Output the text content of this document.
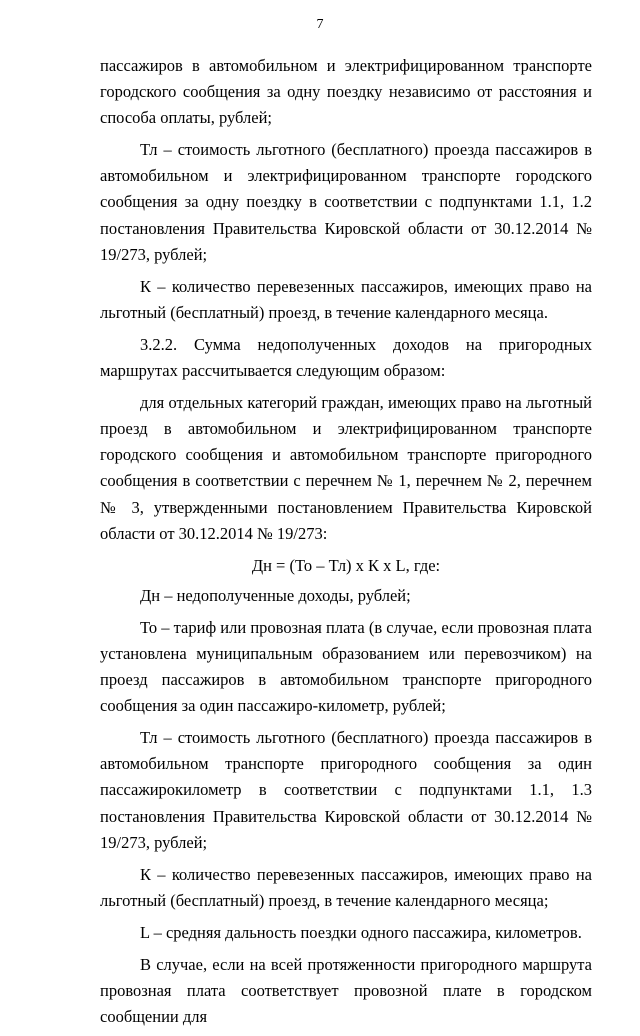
7

пассажиров в автомобильном и электрифицированном транспорте городского сообщения за одну поездку независимо от расстояния и способа оплаты, рублей;

Тл – стоимость льготного (бесплатного) проезда пассажиров в автомобильном и электрифицированном транспорте городского сообщения за одну поездку в соответствии с подпунктами 1.1, 1.2 постановления Правительства Кировской области от 30.12.2014 № 19/273, рублей;

К – количество перевезенных пассажиров, имеющих право на льготный (бесплатный) проезд, в течение календарного месяца.

3.2.2. Сумма недополученных доходов на пригородных маршрутах рассчитывается следующим образом:

для отдельных категорий граждан, имеющих право на льготный проезд в автомобильном и электрифицированном транспорте городского сообщения и автомобильном транспорте пригородного сообщения в соответствии с перечнем № 1, перечнем № 2, перечнем № 3, утвержденными постановлением Правительства Кировской области от 30.12.2014 № 19/273:

Дн = (То – Тл) x К x L, где:

Дн – недополученные доходы, рублей;

То – тариф или провозная плата (в случае, если провозная плата установлена муниципальным образованием или перевозчиком) на проезд пассажиров в автомобильном транспорте пригородного сообщения за один пассажиро-километр, рублей;

Тл – стоимость льготного (бесплатного) проезда пассажиров в автомобильном транспорте пригородного сообщения за один пассажирокилометр в соответствии с подпунктами 1.1, 1.3 постановления Правительства Кировской области от 30.12.2014 № 19/273, рублей;

К – количество перевезенных пассажиров, имеющих право на льготный (бесплатный) проезд, в течение календарного месяца;

L – средняя дальность поездки одного пассажира, километров.

В случае, если на всей протяженности пригородного маршрута провозная плата соответствует провозной плате в городском сообщении для
